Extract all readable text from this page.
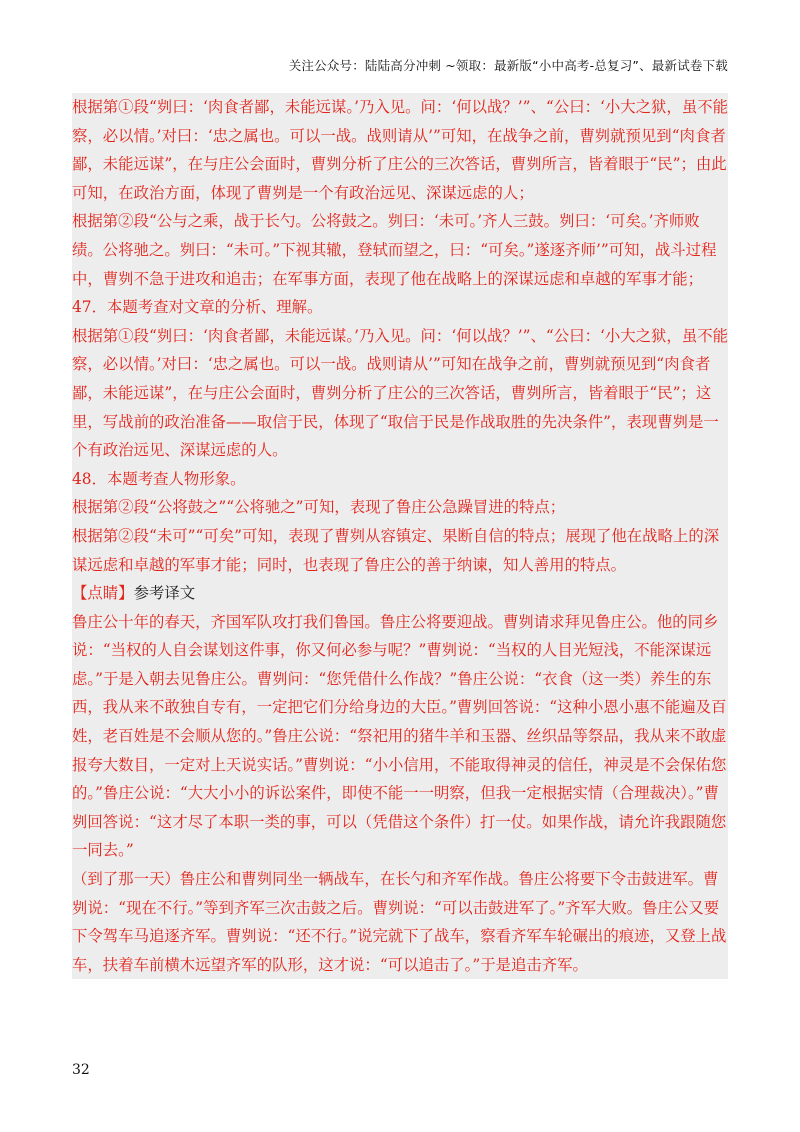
关注公众号：陆陆高分冲刺 ~领取：最新版“小中高考-总复习”、最新试卷下载

根据第①段“刿曰：‘肉食者鄙，未能远谋。’乃入见。问：‘何以战？’”、“公曰：‘小大之狱，虽不能察，必以情。’对曰：‘忠之属也。可以一战。战则请从’”可知，在战争之前，曹刿就预见到“肉食者鄙，未能远谋”，在与庄公会面时，曹刿分析了庄公的三次答话，曹刿所言，皆着眼于“民”；由此可知，在政治方面，体现了曹刿是一个有政治远见、深谋远虑的人；

根据第②段“公与之乘，战于长勺。公将鼓之。刿曰：‘未可。’齐人三鼓。刿曰：‘可矣。’齐师败绩。公将驰之。刿曰：“未可。”下视其辙，登轼而望之，曰：“可矣。”遂逐齐师’”可知，战斗过程中，曹刿不急于进攻和追击；在军事方面，表现了他在战略上的深谋远虑和卓越的军事才能；

47．本题考查对文章的分析、理解。

根据第①段“刿曰：‘肉食者鄙，未能远谋。’乃入见。问：‘何以战？’”、“公曰：‘小大之狱，虽不能察，必以情。’对曰：‘忠之属也。可以一战。战则请从’”可知在战争之前，曹刿就预见到“肉食者鄙，未能远谋”，在与庄公会面时，曹刿分析了庄公的三次答话，曹刿所言，皆着眼于“民”；这里，写战前的政治准备——取信于民，体现了“取信于民是作战取胜的先决条件”，表现曹刿是一个有政治远见、深谋远虑的人。

48．本题考查人物形象。

根据第②段“公将鼓之”“公将驰之”可知，表现了鲁庄公急躁冒进的特点；

根据第②段“未可”“可矣”可知，表现了曹刿从容镇定、果断自信的特点；展现了他在战略上的深谋远虑和卓越的军事才能；同时，也表现了鲁庄公的善于纳谏，知人善用的特点。

【点睛】参考译文

鲁庄公十年的春天，齐国军队攻打我们鲁国。鲁庄公将要迎战。曹刿请求拜见鲁庄公。他的同乡说：“当权的人自会谋划这件事，你又何必参与呢？”曹刿说：“当权的人目光短浅，不能深谋远虑。”于是入朝去见鲁庄公。曹刿问：“您凭借什么作战？”鲁庄公说：“衣食（这一类）养生的东西，我从来不敢独自专有，一定把它们分给身边的大臣。”曹刿回答说：“这种小恩小惠不能遍及百姓，老百姓是不会顺从您的。”鲁庄公说：“祭祀用的猪牛羊和玉器、丝织品等祭品，我从来不敢虚报夸大数目，一定对上天说实话。”曹刿说：“小小信用，不能取得神灵的信任，神灵是不会保佑您的。”鲁庄公说：“大大小小的诉讼案件，即使不能一一明察，但我一定根据实情（合理裁决）。”曹刿回答说：“这才尽了本职一类的事，可以（凭借这个条件）打一仗。如果作战，请允许我跟随您一同去。”

（到了那一天）鲁庄公和曹刿同坐一辆战车，在长勺和齐军作战。鲁庄公将要下令击鼓进军。曹刿说：“现在不行。”等到齐军三次击鼓之后。曹刿说：“可以击鼓进军了。”齐军大败。鲁庄公又要下令驾车马追逐齐军。曹刿说：“还不行。”说完就下了战车，察看齐军车轮碾出的痕迹，又登上战车，扶着车前横木远望齐军的队形，这才说：“可以追击了。”于是追击齐军。

32
